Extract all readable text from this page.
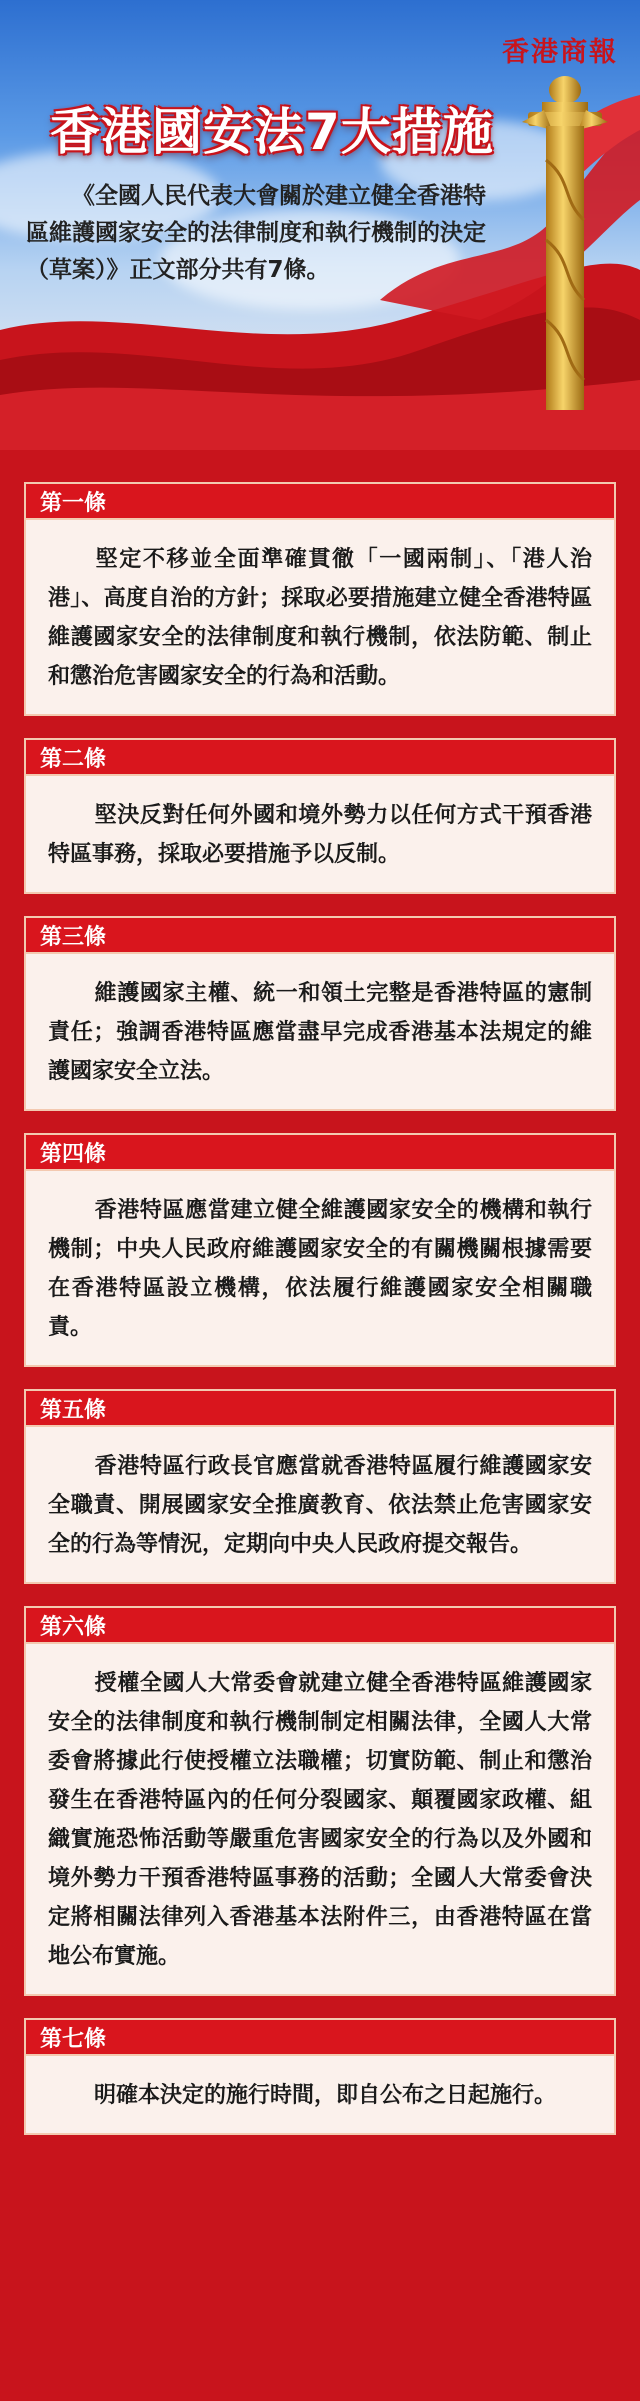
香港商報
香港國安法7大措施

《全國人民代表大會關於建立健全香港特區維護國家安全的法律制度和執行機制的決定（草案）》正文部分共有7條。

第一條

堅定不移並全面準確貫徹「一國兩制」、「港人治港」、高度自治的方針；採取必要措施建立健全香港特區維護國家安全的法律制度和執行機制，依法防範、制止和懲治危害國家安全的行為和活動。

第二條

堅決反對任何外國和境外勢力以任何方式干預香港特區事務，採取必要措施予以反制。

第三條

維護國家主權、統一和領土完整是香港特區的憲制責任；強調香港特區應當盡早完成香港基本法規定的維護國家安全立法。

第四條

香港特區應當建立健全維護國家安全的機構和執行機制；中央人民政府維護國家安全的有關機關根據需要在香港特區設立機構，依法履行維護國家安全相關職責。

第五條

香港特區行政長官應當就香港特區履行維護國家安全職責、開展國家安全推廣教育、依法禁止危害國家安全的行為等情況，定期向中央人民政府提交報告。

第六條

授權全國人大常委會就建立健全香港特區維護國家安全的法律制度和執行機制制定相關法律，全國人大常委會將據此行使授權立法職權；切實防範、制止和懲治發生在香港特區內的任何分裂國家、顛覆國家政權、組織實施恐怖活動等嚴重危害國家安全的行為以及外國和境外勢力干預香港特區事務的活動；全國人大常委會決定將相關法律列入香港基本法附件三，由香港特區在當地公布實施。

第七條

明確本決定的施行時間，即自公布之日起施行。
